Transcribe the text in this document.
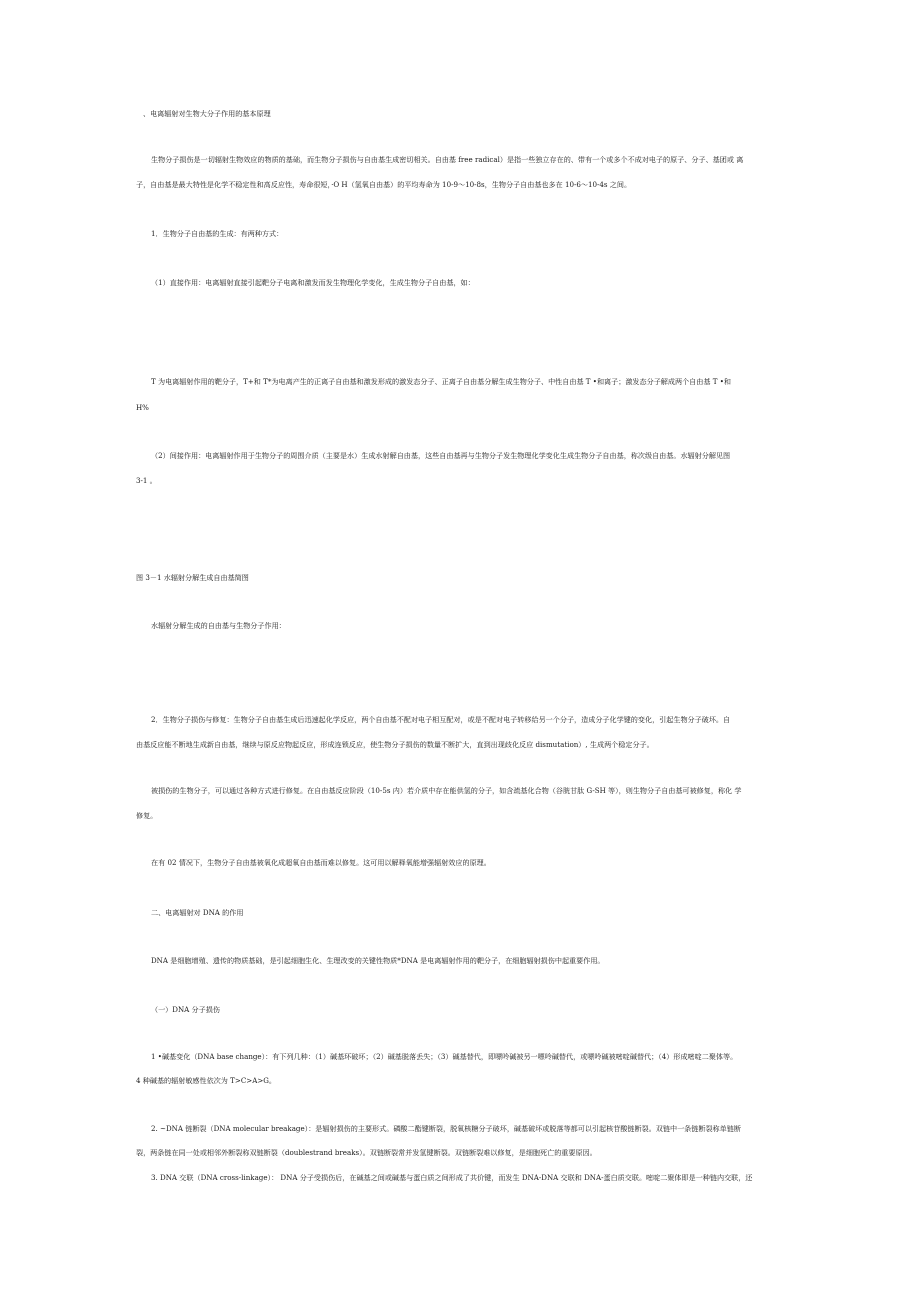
、电离辐射对生物大分子作用的基本原理

生物分子损伤是一切辐射生物效应的物质的基础，而生物分子损伤与自由基生成密切相关。自由基 free radical）是指一些独立存在的、带有一个或多个不成对电子的原子、分子、基团或 离

子，自由基是最大特性是化学不稳定性和高反应性，寿命很短，·O H（氢氧自由基）的平均寿命为 10-9～10-8s，生物分子自由基也多在 10-6～10-4s 之间。

1．生物分子自由基的生成：有两种方式：

（1）直接作用：电离辐射直接引起靶分子电离和激发而发生物理化学变化，生成生物分子自由基，如：

T 为电离辐射作用的靶分子，T+和 T*为电离产生的正离子自由基和激发形成的激发态分子、正离子自由基分解生成生物分子、中性自由基 T •和离子；激发态分子解成两个自由基 T •和

H%

（2）间接作用：电离辐射作用于生物分子的周围介质（主要是水）生成水射解自由基，这些自由基再与生物分子发生物理化学变化生成生物分子自由基，称次级自由基。水辐射分解见图

3-1 。

图 3－1 水辐射分解生成自由基简图

水辐射分解生成的自由基与生物分子作用：

2．生物分子损伤与修复：生物分子自由基生成后迅速起化学反应，两个自由基不配对电子相互配对，或是不配对电子转移给另一个分子，造成分子化学键的变化，引起生物分子破坏。自

由基反应能不断地生成新自由基，继续与原反应物起反应，形成连锁反应，使生物分子损伤的数量不断扩大，直到出现歧化反应 dismutation）, 生成两个稳定分子。

被损伤的生物分子，可以通过各种方式进行修复。在自由基反应阶段（10-5s 内）若介质中存在能供氢的分子，如含巯基化合物（谷胱甘肽 G-SH 等），则生物分子自由基可被修复，称化 学

修复。

在有 02 情况下，生物分子自由基被氧化成超氧自由基而难以修复。这可用以解释氧能增强辐射效应的原理。

二、电离辐射对 DNA 的作用

DNA 是细胞增殖、遗传的物质基础，是引起细胞生化、生理改变的关键性物质*DNA 是电离辐射作用的靶分子，在细胞辐射损伤中起重要作用。

（一）DNA 分子损伤

1 •碱基变化（DNA base change）：有下列几种：（1）碱基环破坏；（2）碱基脱落丢失；（3）碱基替代，即嘌呤碱被另一嘌呤碱替代，或嘌呤碱被嘧啶碱替代；（4）形成嘧啶二聚体等。

4 种碱基的辐射敏感性依次为 T>C>A>G。

2. ~DNA 链断裂（DNA molecular breakage）：是辐射损伤的主要形式。磷酸二酯键断裂，脱氧核糖分子破坏，碱基破坏或脱落等都可以引起核苷酸链断裂。双链中一条链断裂称单链断

裂，两条链在同一处或相邻外断裂称双链断裂（doublestrand breaks）。双链断裂常并发氢键断裂。双链断裂难以修复，是细胞死亡的重要原因。

3. DNA 交联（DNA cross-linkage）： DNA 分子受损伤后，在碱基之间或碱基与蛋白质之间形成了共价键，而发生 DNA-DNA 交联和 DNA-蛋白质交联。嘧啶二聚体即是一种链内交联，还
